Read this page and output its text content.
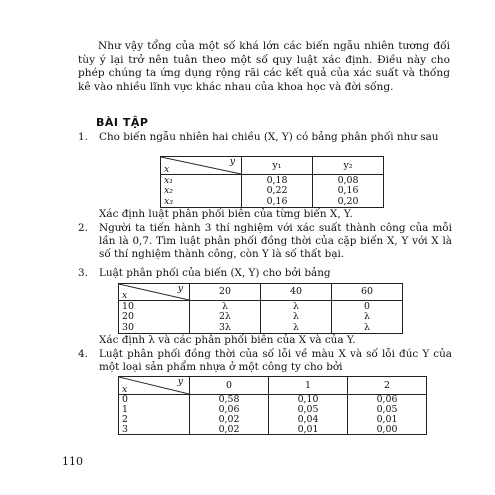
Như vậy tổng của một số khá lớn các biến ngẫu nhiên tương đối tùy ý lại trở nên tuân theo một số quy luật xác định. Điều này cho phép chúng ta ứng dụng rộng rãi các kết quả của xác suất và thống kê vào nhiều lĩnh vực khác nhau của khoa học và đời sống.
BÀI TẬP
1. Cho biến ngẫu nhiên hai chiều (X, Y) có bảng phân phối như sau
y
x	y₁	y₂
x₁	0,18	0,08
x₂	0,22	0,16
x₃	0,16	0,20
Xác định luật phân phối biên của từng biến X, Y.
2. Người ta tiến hành 3 thí nghiệm với xác suất thành công của mỗi lần là 0,7. Tìm luật phân phối đồng thời của cặp biến X, Y với X là số thí nghiệm thành công, còn Y là số thất bại.
3. Luật phân phối của biến (X, Y) cho bởi bảng
y
x	20	40	60
10	λ	λ	0
20	2λ	λ	λ
30	3λ	λ	λ
Xác định λ và các phân phối biên của X và của Y.
4. Luật phân phối đồng thời của số lỗi về màu X và số lỗi đúc Y của một loại sản phẩm nhựa ở một công ty cho bởi
y
x	0	1	2
0	0,58	0,10	0,06
1	0,06	0,05	0,05
2	0,02	0,04	0,01
3	0,02	0,01	0,00
110
